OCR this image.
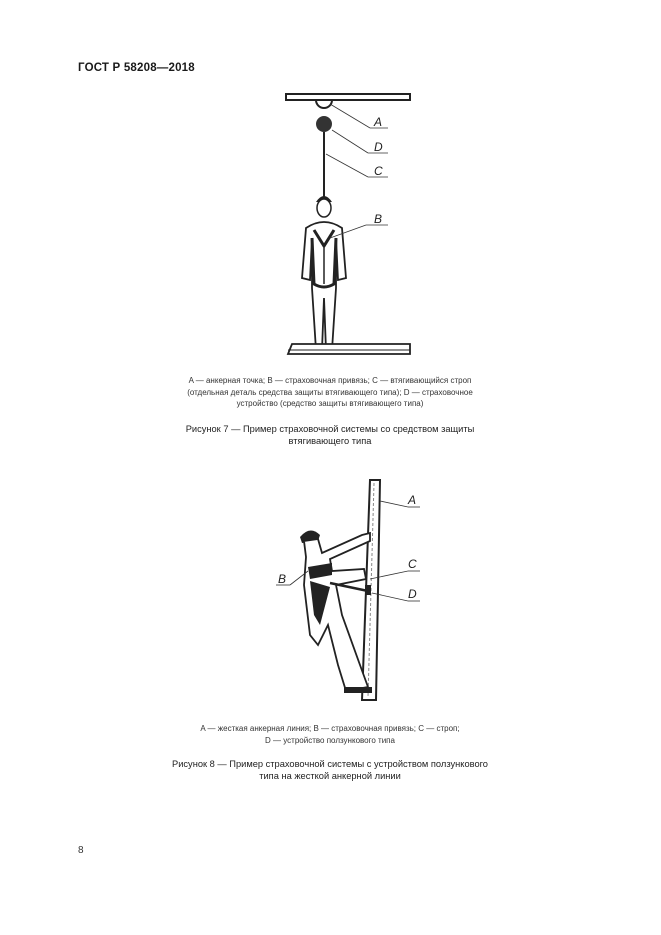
ГОСТ Р 58208—2018
A
D
C
B
A — анкерная точка; B — страховочная привязь; C — втягивающийся строп
(отдельная деталь средства защиты втягивающего типа); D — страховочное
устройство (средство защиты втягивающего типа)
Рисунок 7 — Пример страховочной системы со средством защиты
втягивающего типа
A
C
D
B
A — жесткая анкерная линия; B — страховочная привязь; C — строп;
D — устройство ползункового типа
Рисунок 8 — Пример страховочной системы с устройством ползункового
типа на жесткой анкерной линии
8
